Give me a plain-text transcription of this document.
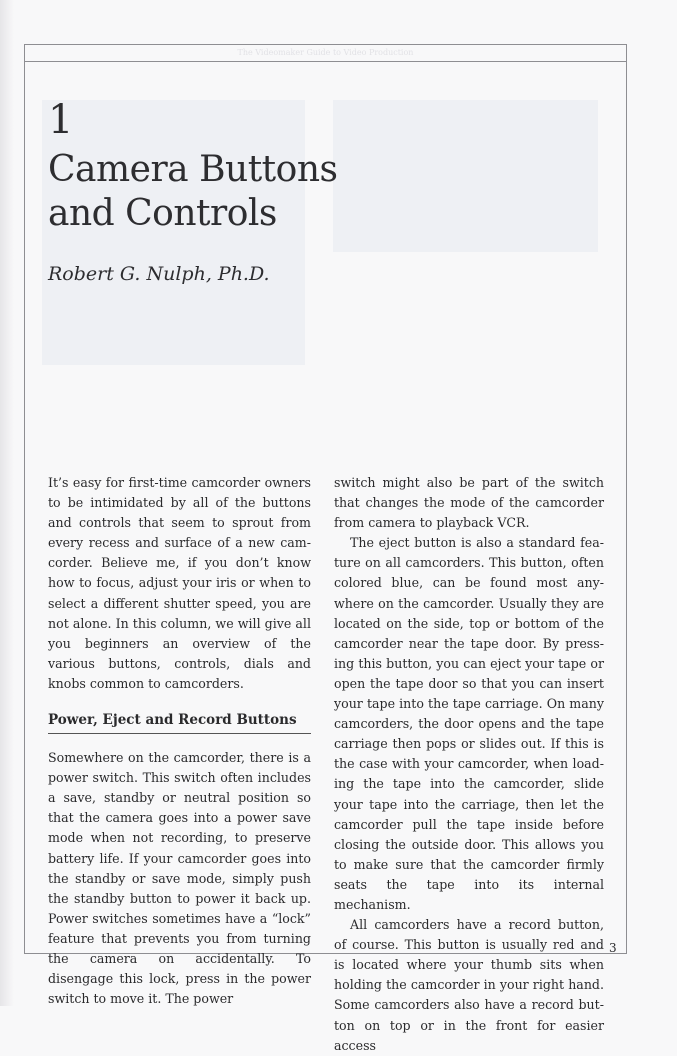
The Videomaker Guide to Video Production
1
Camera Buttons
and Controls
Robert G. Nulph, Ph.D.

It’s easy for first-time camcorder owners to be intimidated by all of the buttons and controls that seem to sprout from every recess and surface of a new camcorder. Believe me, if you don’t know how to focus, adjust your iris or when to select a different shutter speed, you are not alone. In this column, we will give all you beginners an overview of the various buttons, controls, dials and knobs common to camcorders.

Power, Eject and Record Buttons

Somewhere on the camcorder, there is a power switch. This switch often includes a save, standby or neutral position so that the camera goes into a power save mode when not recording, to preserve battery life. If your camcorder goes into the standby or save mode, simply push the standby button to power it back up. Power switches sometimes have a “lock” feature that prevents you from turning the camera on accidentally. To disengage this lock, press in the power switch to move it. The power

switch might also be part of the switch that changes the mode of the camcorder from camera to playback VCR.

The eject button is also a standard feature on all camcorders. This button, often colored blue, can be found most anywhere on the camcorder. Usually they are located on the side, top or bottom of the camcorder near the tape door. By pressing this button, you can eject your tape or open the tape door so that you can insert your tape into the tape carriage. On many camcorders, the door opens and the tape carriage then pops or slides out. If this is the case with your camcorder, when loading the tape into the camcorder, slide your tape into the carriage, then let the camcorder pull the tape inside before closing the outside door. This allows you to make sure that the camcorder firmly seats the tape into its internal mechanism.

All camcorders have a record button, of course. This button is usually red and is located where your thumb sits when holding the camcorder in your right hand. Some camcorders also have a record button on top or in the front for easier access

3
